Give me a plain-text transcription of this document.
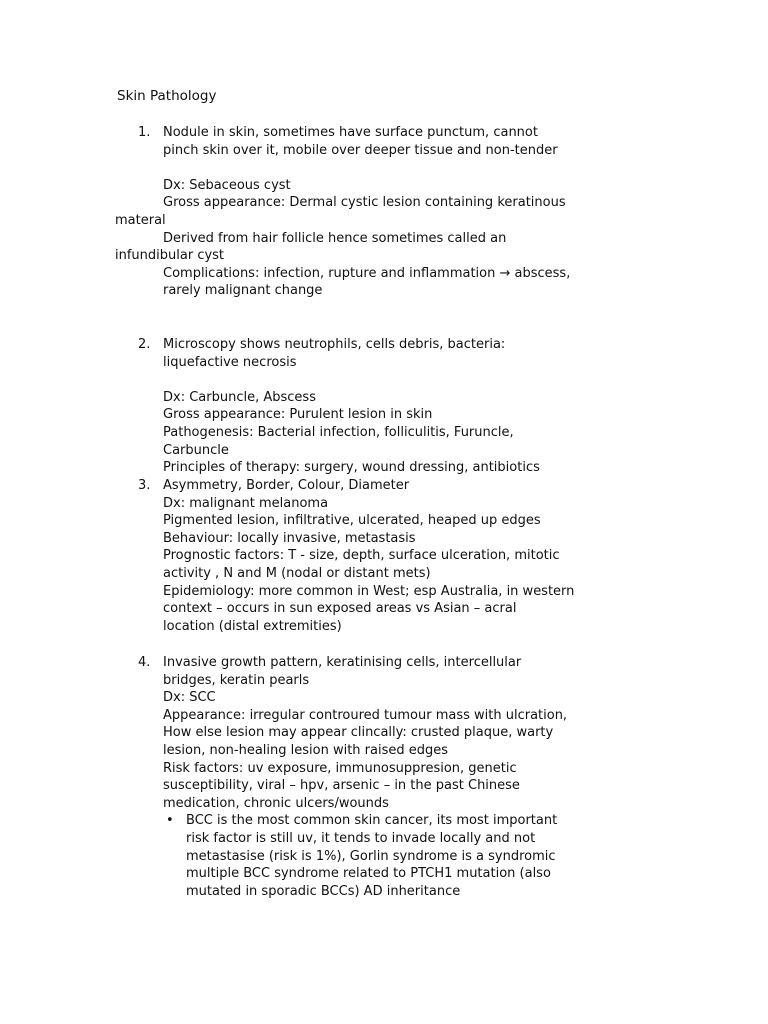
Skin Pathology
1. Nodule in skin, sometimes have surface punctum, cannot
pinch skin over it, mobile over deeper tissue and non-tender
Dx: Sebaceous cyst
Gross appearance: Dermal cystic lesion containing keratinous
materal
Derived from hair follicle hence sometimes called an
infundibular cyst
Complications: infection, rupture and inflammation → abscess,
rarely malignant change
2. Microscopy shows neutrophils, cells debris, bacteria:
liquefactive necrosis
Dx: Carbuncle, Abscess
Gross appearance: Purulent lesion in skin
Pathogenesis: Bacterial infection, folliculitis, Furuncle,
Carbuncle
Principles of therapy: surgery, wound dressing, antibiotics
3. Asymmetry, Border, Colour, Diameter
Dx: malignant melanoma
Pigmented lesion, infiltrative, ulcerated, heaped up edges
Behaviour: locally invasive, metastasis
Prognostic factors: T - size, depth, surface ulceration, mitotic
activity , N and M (nodal or distant mets)
Epidemiology: more common in West; esp Australia, in western
context – occurs in sun exposed areas vs Asian – acral
location (distal extremities)
4. Invasive growth pattern, keratinising cells, intercellular
bridges, keratin pearls
Dx: SCC
Appearance: irregular controured tumour mass with ulcration,
How else lesion may appear clincally: crusted plaque, warty
lesion, non-healing lesion with raised edges
Risk factors: uv exposure, immunosuppresion, genetic
susceptibility, viral – hpv, arsenic – in the past Chinese
medication, chronic ulcers/wounds
• BCC is the most common skin cancer, its most important
risk factor is still uv, it tends to invade locally and not
metastasise (risk is 1%), Gorlin syndrome is a syndromic
multiple BCC syndrome related to PTCH1 mutation (also
mutated in sporadic BCCs) AD inheritance
